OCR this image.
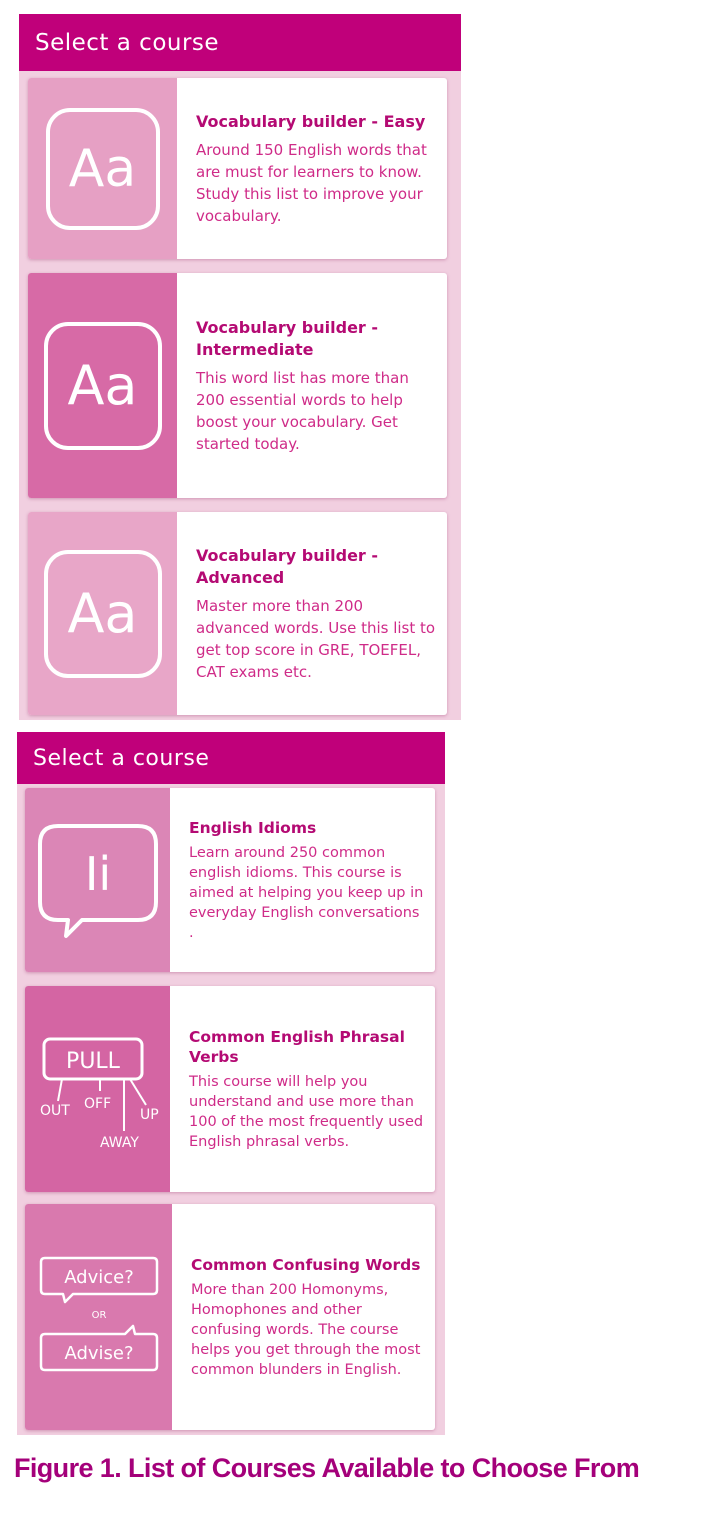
Select a course
Aa
Vocabulary builder - Easy
Around 150 English words that are must for learners to know. Study this list to improve your vocabulary.
Aa
Vocabulary builder - Intermediate
This word list has more than 200 essential words to help boost your vocabulary. Get started today.
Aa
Vocabulary builder - Advanced
Master more than 200 advanced words. Use this list to get top score in GRE, TOEFEL, CAT exams etc.
Select a course
Ii
English Idioms
Learn around 250 common english idioms. This course is aimed at helping you keep up in everyday English conversations .
PULL
OUT OFF
AWAY
UP
Common English Phrasal Verbs
This course will help you understand and use more than 100 of the most frequently used English phrasal verbs.
Advice?
OR
Advise?
Common Confusing Words
More than 200 Homonyms, Homophones and other confusing words. The course helps you get through the most common blunders in English.
Figure 1. List of Courses Available to Choose From
